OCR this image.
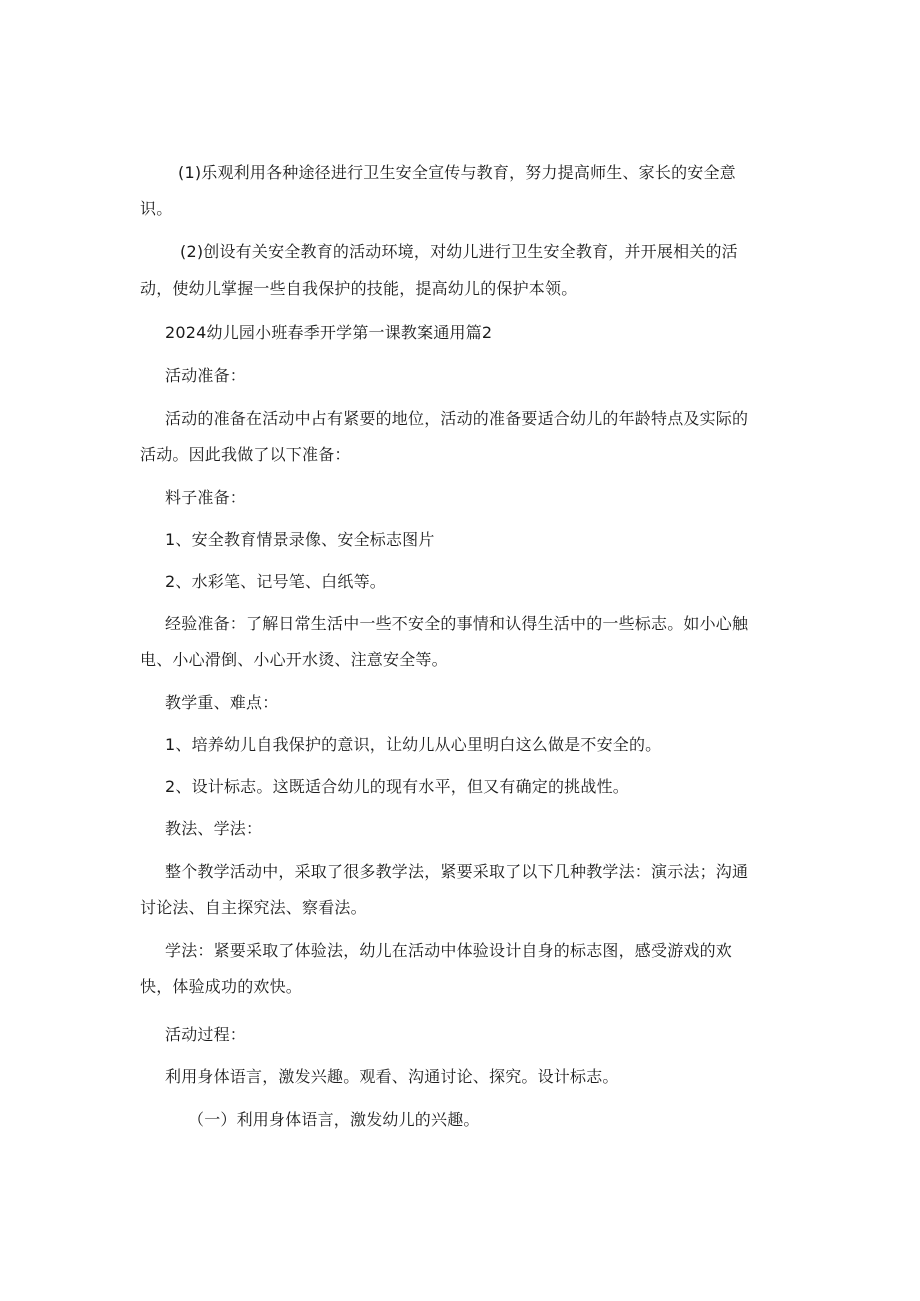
(1)乐观利用各种途径进行卫生安全宣传与教育，努力提高师生、家长的安全意

识。

(2)创设有关安全教育的活动环境，对幼儿进行卫生安全教育，并开展相关的活

动，使幼儿掌握一些自我保护的技能，提高幼儿的保护本领。

2024幼儿园小班春季开学第一课教案通用篇2

活动准备：

活动的准备在活动中占有紧要的地位，活动的准备要适合幼儿的年龄特点及实际的

活动。因此我做了以下准备：

料子准备：

1、安全教育情景录像、安全标志图片

2、水彩笔、记号笔、白纸等。

经验准备：了解日常生活中一些不安全的事情和认得生活中的一些标志。如小心触

电、小心滑倒、小心开水烫、注意安全等。

教学重、难点：

1、培养幼儿自我保护的意识，让幼儿从心里明白这么做是不安全的。

2、设计标志。这既适合幼儿的现有水平，但又有确定的挑战性。

教法、学法：

整个教学活动中，采取了很多教学法，紧要采取了以下几种教学法：演示法；沟通

讨论法、自主探究法、察看法。

学法：紧要采取了体验法，幼儿在活动中体验设计自身的标志图，感受游戏的欢

快，体验成功的欢快。

活动过程：

利用身体语言，激发兴趣。观看、沟通讨论、探究。设计标志。

（一）利用身体语言，激发幼儿的兴趣。
